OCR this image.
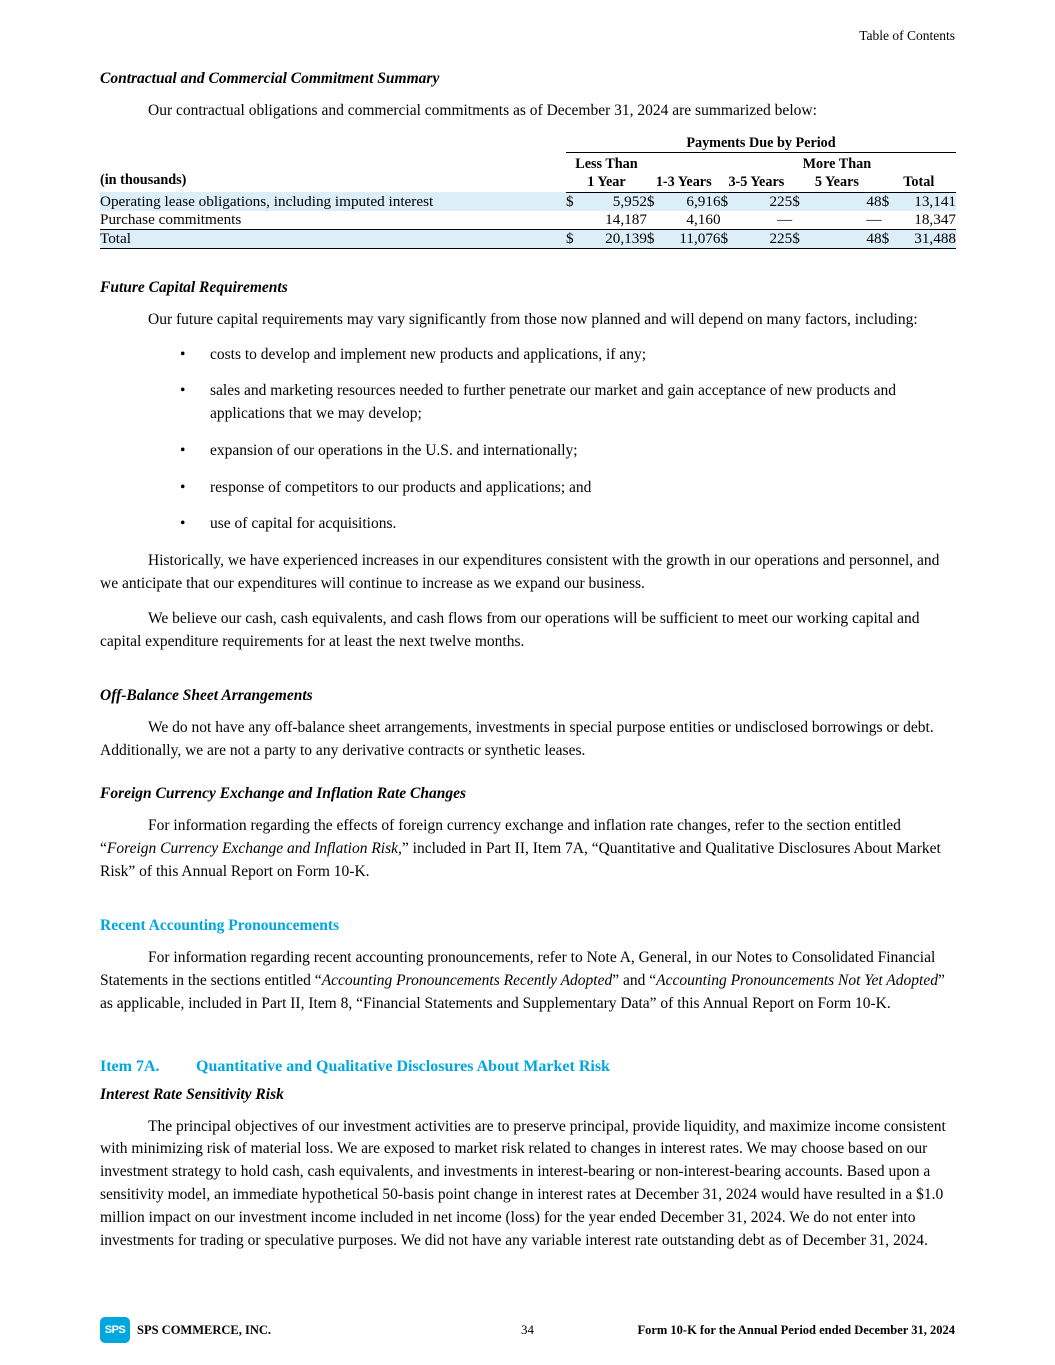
Table of Contents
Contractual and Commercial Commitment Summary

Our contractual obligations and commercial commitments as of December 31, 2024 are summarized below:

	Payments Due by Period									

(in thousands)	Less Than
1 Year		1-3 Years		3-5 Years		More Than
5 Years		Total	
Operating lease obligations, including imputed interest	$	5,952	$	6,916	$	225	$	48	$	13,141
Purchase commitments		14,187		4,160		—		—		18,347
Total	$	20,139	$	11,076	$	225	$	48	$	31,488
Future Capital Requirements

Our future capital requirements may vary significantly from those now planned and will depend on many factors, including:

• costs to develop and implement new products and applications, if any;
• sales and marketing resources needed to further penetrate our market and gain acceptance of new products and applications that we may develop;
• expansion of our operations in the U.S. and internationally;
• response of competitors to our products and applications; and
• use of capital for acquisitions.

Historically, we have experienced increases in our expenditures consistent with the growth in our operations and personnel, and we anticipate that our expenditures will continue to increase as we expand our business.

We believe our cash, cash equivalents, and cash flows from our operations will be sufficient to meet our working capital and capital expenditure requirements for at least the next twelve months.

Off-Balance Sheet Arrangements

We do not have any off-balance sheet arrangements, investments in special purpose entities or undisclosed borrowings or debt. Additionally, we are not a party to any derivative contracts or synthetic leases.

Foreign Currency Exchange and Inflation Rate Changes

For information regarding the effects of foreign currency exchange and inflation rate changes, refer to the section entitled “Foreign Currency Exchange and Inflation Risk,” included in Part II, Item 7A, “Quantitative and Qualitative Disclosures About Market Risk” of this Annual Report on Form 10-K.

Recent Accounting Pronouncements

For information regarding recent accounting pronouncements, refer to Note A, General, in our Notes to Consolidated Financial Statements in the sections entitled “Accounting Pronouncements Recently Adopted” and “Accounting Pronouncements Not Yet Adopted” as applicable, included in Part II, Item 8, “Financial Statements and Supplementary Data” of this Annual Report on Form 10-K.

Item 7A. Quantitative and Qualitative Disclosures About Market Risk
Interest Rate Sensitivity Risk

The principal objectives of our investment activities are to preserve principal, provide liquidity, and maximize income consistent with minimizing risk of material loss. We are exposed to market risk related to changes in interest rates. We may choose based on our investment strategy to hold cash, cash equivalents, and investments in interest-bearing or non-interest-bearing accounts. Based upon a sensitivity model, an immediate hypothetical 50-basis point change in interest rates at December 31, 2024 would have resulted in a $1.0 million impact on our investment income included in net income (loss) for the year ended December 31, 2024. We do not enter into investments for trading or speculative purposes. We did not have any variable interest rate outstanding debt as of December 31, 2024.

SPS SPS COMMERCE, INC.	34	Form 10-K for the Annual Period ended December 31, 2024
